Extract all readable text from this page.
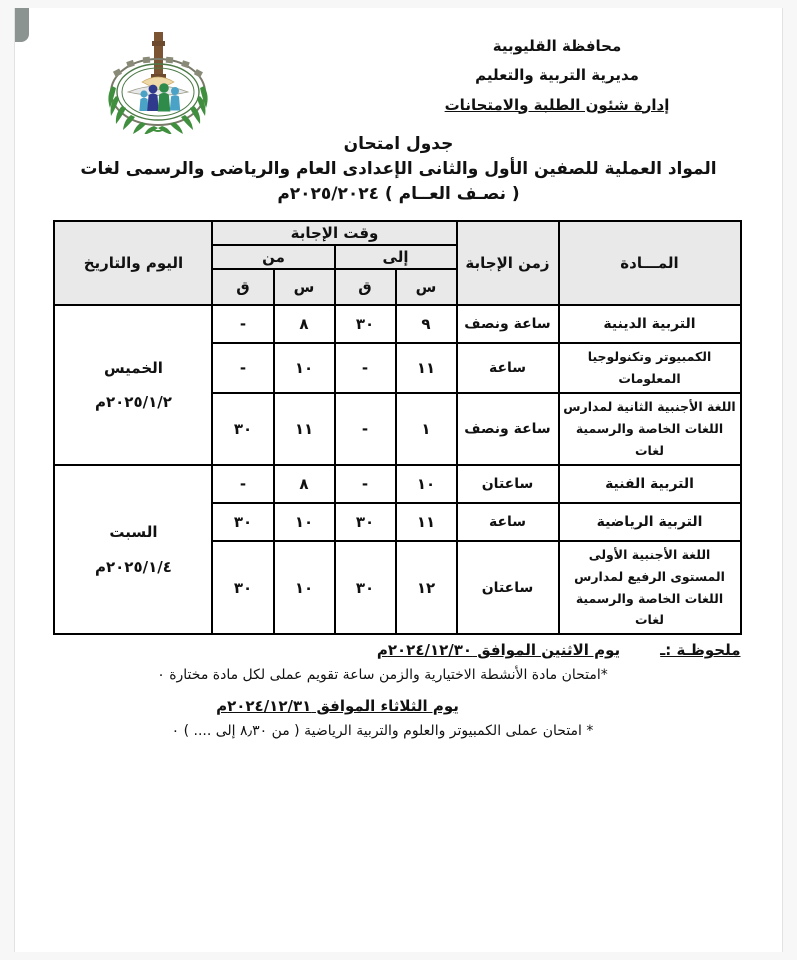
محافظة القليوبية
مديرية التربية والتعليم
إدارة شئون الطلبة والامتحانات
جدول امتحان
المواد العملية للصفين الأول والثانى الإعدادى العام والرياضى والرسمى لغات
( نصـف العــام ) ٢٠٢٥/٢٠٢٤م
المـــادة	زمن الإجابة	وقت الإجابة				اليوم والتاريخ
		إلى		من		
		س	ق	س	ق	

التربية الدينية	ساعة ونصف	٩	٣٠	٨	-	الخميس
٢٠٢٥/١/٢م

الكمبيوتر وتكنولوجيا المعلومات	ساعة	١١	-	١٠	-	

اللغة الأجنبية الثانية لمدارس
اللغات الخاصة والرسمية لغات	ساعة ونصف	١	-	١١	٣٠	

التربية الفنية	ساعتان	١٠	-	٨	-	السبت
٢٠٢٥/١/٤م

التربية الرياضية	ساعة	١١	٣٠	١٠	٣٠	

اللغة الأجنبية الأولى
المستوى الرفيع لمدارس
اللغات الخاصة والرسمية لغات	ساعتان	١٢	٣٠	١٠	٣٠	
ملحوظـة :ـ
يوم الاثنين الموافق ٢٠٢٤/١٢/٣٠م
*امتحان مادة الأنشطة الاختيارية والزمن ساعة تقويم عملى لكل مادة مختارة ٠
يوم الثلاثاء الموافق ٢٠٢٤/١٢/٣١م
* امتحان عملى الكمبيوتر والعلوم والتربية الرياضية ( من ٨٫٣٠ إلى .... ) ٠
